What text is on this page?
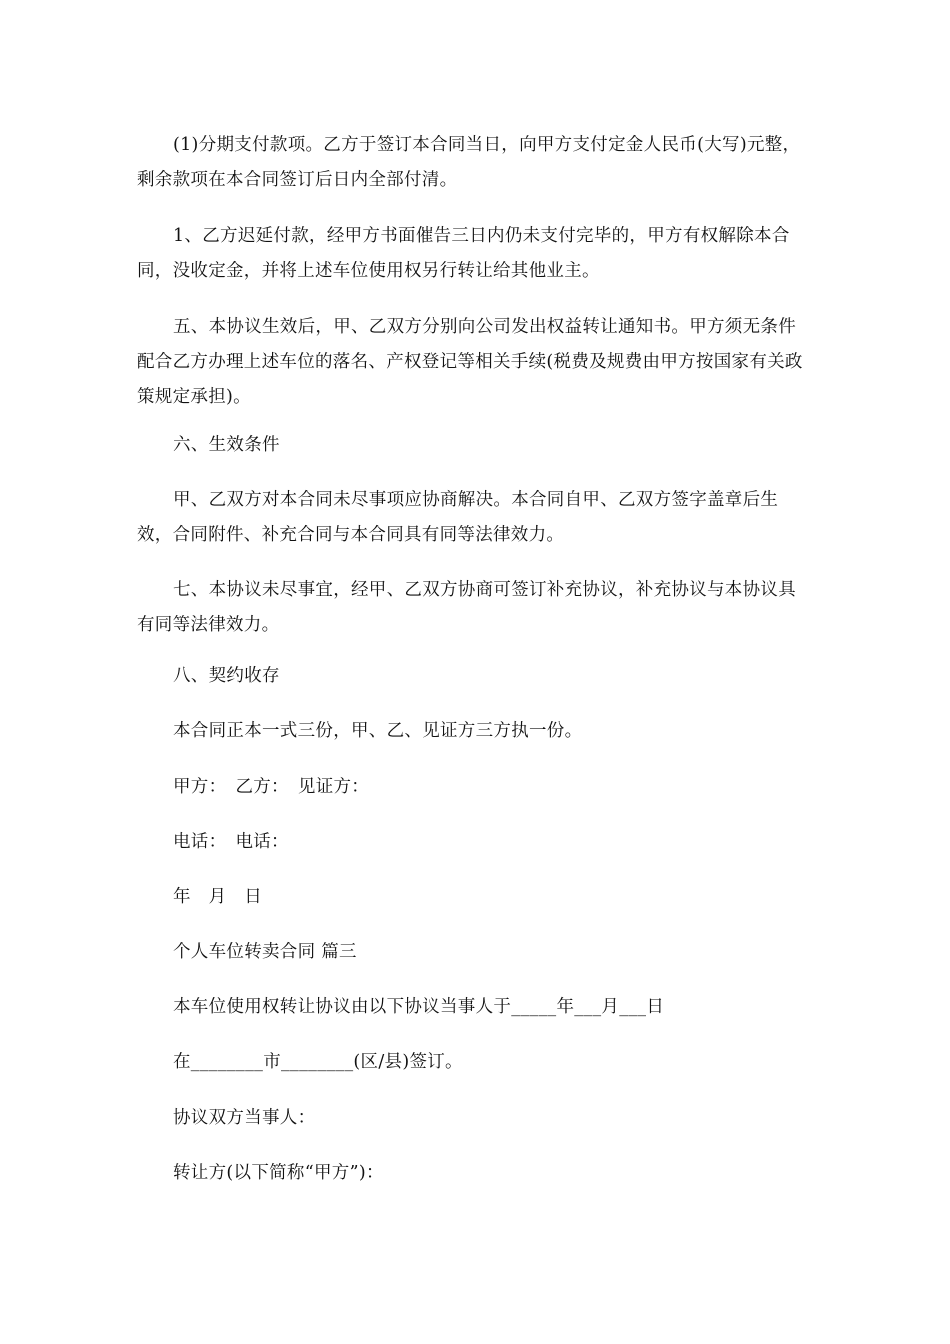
(1)分期支付款项。乙方于签订本合同当日，向甲方支付定金人民币(大写)元整，剩余款项在本合同签订后日内全部付清。

1、乙方迟延付款，经甲方书面催告三日内仍未支付完毕的，甲方有权解除本合同，没收定金，并将上述车位使用权另行转让给其他业主。

五、本协议生效后，甲、乙双方分别向公司发出权益转让通知书。甲方须无条件配合乙方办理上述车位的落名、产权登记等相关手续(税费及规费由甲方按国家有关政策规定承担)。

六、生效条件

甲、乙双方对本合同未尽事项应协商解决。本合同自甲、乙双方签字盖章后生效，合同附件、补充合同与本合同具有同等法律效力。

七、本协议未尽事宜，经甲、乙双方协商可签订补充协议，补充协议与本协议具有同等法律效力。

八、契约收存

本合同正本一式三份，甲、乙、见证方三方执一份。

甲方：　乙方：　见证方：

电话：　电话：

年　月　日

个人车位转卖合同 篇三

本车位使用权转让协议由以下协议当事人于_____年___月___日

在________市________(区/县)签订。

协议双方当事人：

转让方(以下简称“甲方”)：
